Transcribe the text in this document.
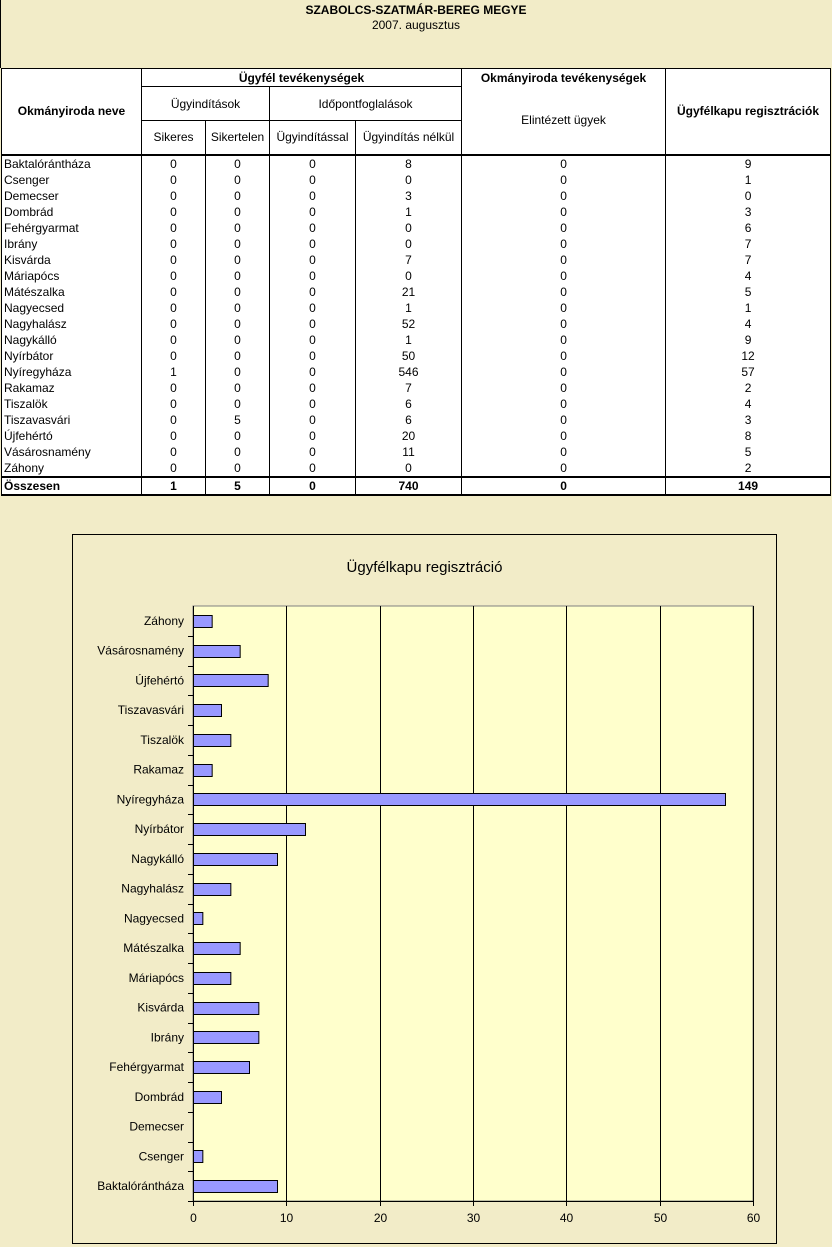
SZABOLCS-SZATMÁR-BEREG MEGYE
2007. augusztus
Okmányiroda neve	Ügyfél tevékenységek				Okmányiroda tevékenységek	Ügyfélkapu regisztrációk
	Ügyindítások		Időpontfoglalások		Elintézett ügyek	
	Sikeres	Sikertelen	Ügyindítással	Ügyindítás nélkül		
Baktalórántháza	0	0	0	8	0	9
Csenger	0	0	0	0	0	1
Demecser	0	0	0	3	0	0
Dombrád	0	0	0	1	0	3
Fehérgyarmat	0	0	0	0	0	6
Ibrány	0	0	0	0	0	7
Kisvárda	0	0	0	7	0	7
Máriapócs	0	0	0	0	0	4
Mátészalka	0	0	0	21	0	5
Nagyecsed	0	0	0	1	0	1
Nagyhalász	0	0	0	52	0	4
Nagykálló	0	0	0	1	0	9
Nyírbátor	0	0	0	50	0	12
Nyíregyháza	1	0	0	546	0	57
Rakamaz	0	0	0	7	0	2
Tiszalök	0	0	0	6	0	4
Tiszavasvári	0	5	0	6	0	3
Újfehértó	0	0	0	20	0	8
Vásárosnamény	0	0	0	11	0	5
Záhony	0	0	0	0	0	2
Összesen	1	5	0	740	0	149
Ügyfélkapu regisztráció
0	10	20	30	40	50	60
Baktalórántháza
Csenger
Demecser
Dombrád
Fehérgyarmat
Ibrány
Kisvárda
Máriapócs
Mátészalka
Nagyecsed
Nagyhalász
Nagykálló
Nyírbátor
Nyíregyháza
Rakamaz
Tiszalök
Tiszavasvári
Újfehértó
Vásárosnamény
Záhony
